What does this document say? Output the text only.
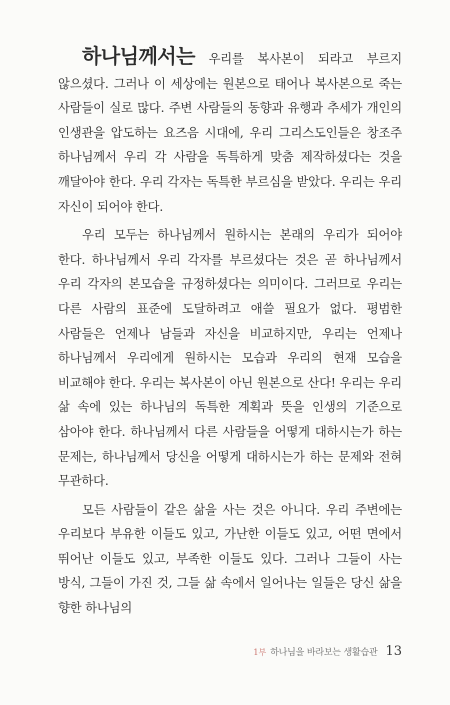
하나님께서는 우리를 복사본이 되라고 부르지 않으셨다. 그러나 이 세상에는 원본으로 태어나 복사본으로 죽는 사람들이 실로 많다. 주변 사람들의 동향과 유행과 추세가 개인의 인생관을 압도하는 요즈음 시대에, 우리 그리스도인들은 창조주 하나님께서 우리 각 사람을 독특하게 맞춤 제작하셨다는 것을 깨달아야 한다. 우리 각자는 독특한 부르심을 받았다. 우리는 우리 자신이 되어야 한다.

우리 모두는 하나님께서 원하시는 본래의 우리가 되어야 한다. 하나님께서 우리 각자를 부르셨다는 것은 곧 하나님께서 우리 각자의 본모습을 규정하셨다는 의미이다. 그러므로 우리는 다른 사람의 표준에 도달하려고 애쓸 필요가 없다. 평범한 사람들은 언제나 남들과 자신을 비교하지만, 우리는 언제나 하나님께서 우리에게 원하시는 모습과 우리의 현재 모습을 비교해야 한다. 우리는 복사본이 아닌 원본으로 산다! 우리는 우리 삶 속에 있는 하나님의 독특한 계획과 뜻을 인생의 기준으로 삼아야 한다. 하나님께서 다른 사람들을 어떻게 대하시는가 하는 문제는, 하나님께서 당신을 어떻게 대하시는가 하는 문제와 전혀 무관하다.

모든 사람들이 같은 삶을 사는 것은 아니다. 우리 주변에는 우리보다 부유한 이들도 있고, 가난한 이들도 있고, 어떤 면에서 뛰어난 이들도 있고, 부족한 이들도 있다. 그러나 그들이 사는 방식, 그들이 가진 것, 그들 삶 속에서 일어나는 일들은 당신 삶을 향한 하나님의

1부 하나님을 바라보는 생활습관 13
